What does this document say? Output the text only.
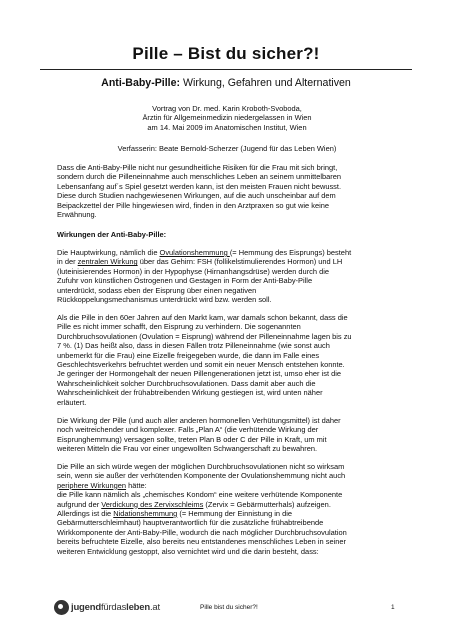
Pille – Bist du sicher?!
Anti-Baby-Pille: Wirkung, Gefahren und Alternativen
Vortrag von Dr. med. Karin Kroboth-Svoboda,
Ärztin für Allgemeinmedizin niedergelassen in Wien
am 14. Mai 2009 im Anatomischen Institut, Wien
Verfasserin: Beate Bernold-Scherzer (Jugend für das Leben Wien)
Dass die Anti-Baby-Pille nicht nur gesundheitliche Risiken für die Frau mit sich bringt,
sondern durch die Pilleneinnahme auch menschliches Leben an seinem unmittelbaren
Lebensanfang auf´s Spiel gesetzt werden kann, ist den meisten Frauen nicht bewusst.
Diese durch Studien nachgewiesenen Wirkungen, auf die auch unscheinbar auf dem
Beipackzettel der Pille hingewiesen wird, finden in den Arztpraxen so gut wie keine
Erwähnung.
Wirkungen der Anti-Baby-Pille:
Die Hauptwirkung, nämlich die Ovulationshemmung (= Hemmung des Eisprungs) besteht
in der zentralen Wirkung über das Gehirn: FSH (follikelstimulierendes Hormon) und LH
(luteinisierendes Hormon) in der Hypophyse (Hirnanhangsdrüse) werden durch die
Zufuhr von künstlichen Östrogenen und Gestagen in Form der Anti-Baby-Pille
unterdrückt, sodass eben der Eisprung über einen negativen
Rückkoppelungsmechanismus unterdrückt wird bzw. werden soll.
Als die Pille in den 60er Jahren auf den Markt kam, war damals schon bekannt, dass die
Pille es nicht immer schafft, den Eisprung zu verhindern. Die sogenannten
Durchbruchsovulationen (Ovulation = Eisprung) während der Pilleneinnahme lagen bis zu
7 %. (1) Das heißt also, dass in diesen Fällen trotz Pilleneinnahme (wie sonst auch
unbemerkt für die Frau) eine Eizelle freigegeben wurde, die dann im Falle eines
Geschlechtsverkehrs befruchtet werden und somit ein neuer Mensch entstehen konnte.
Je geringer der Hormongehalt der neuen Pillengenerationen jetzt ist, umso eher ist die
Wahrscheinlichkeit solcher Durchbruchsovulationen. Dass damit aber auch die
Wahrscheinlichkeit der frühabtreibenden Wirkung gestiegen ist, wird unten näher
erläutert.
Die Wirkung der Pille (und auch aller anderen hormonellen Verhütungsmittel) ist daher
noch weitreichender und komplexer. Falls „Plan A“ (die verhütende Wirkung der
Eisprunghemmung) versagen sollte, treten Plan B oder C der Pille in Kraft, um mit
weiteren Mitteln die Frau vor einer ungewollten Schwangerschaft zu bewahren.
Die Pille an sich würde wegen der möglichen Durchbruchsovulationen nicht so wirksam
sein, wenn sie außer der verhütenden Komponente der Ovulationshemmung nicht auch
periphere Wirkungen hätte:
die Pille kann nämlich als „chemisches Kondom“ eine weitere verhütende Komponente
aufgrund der Verdickung des Zervixschleims (Zervix = Gebärmutterhals) aufzeigen.
Allerdings ist die Nidationshemmung (= Hemmung der Einnistung in die
Gebärmutterschleimhaut) hauptverantwortlich für die zusätzliche frühabtreibende
Wirkkomponente der Anti-Baby-Pille, wodurch die nach möglicher Durchbruchsovulation
bereits befruchtete Eizelle, also bereits neu entstandenes menschliches Leben in seiner
weiteren Entwicklung gestoppt, also vernichtet wird und die darin besteht, dass:
jugendfürdasleben.at	Pille bist du sicher?!	1
